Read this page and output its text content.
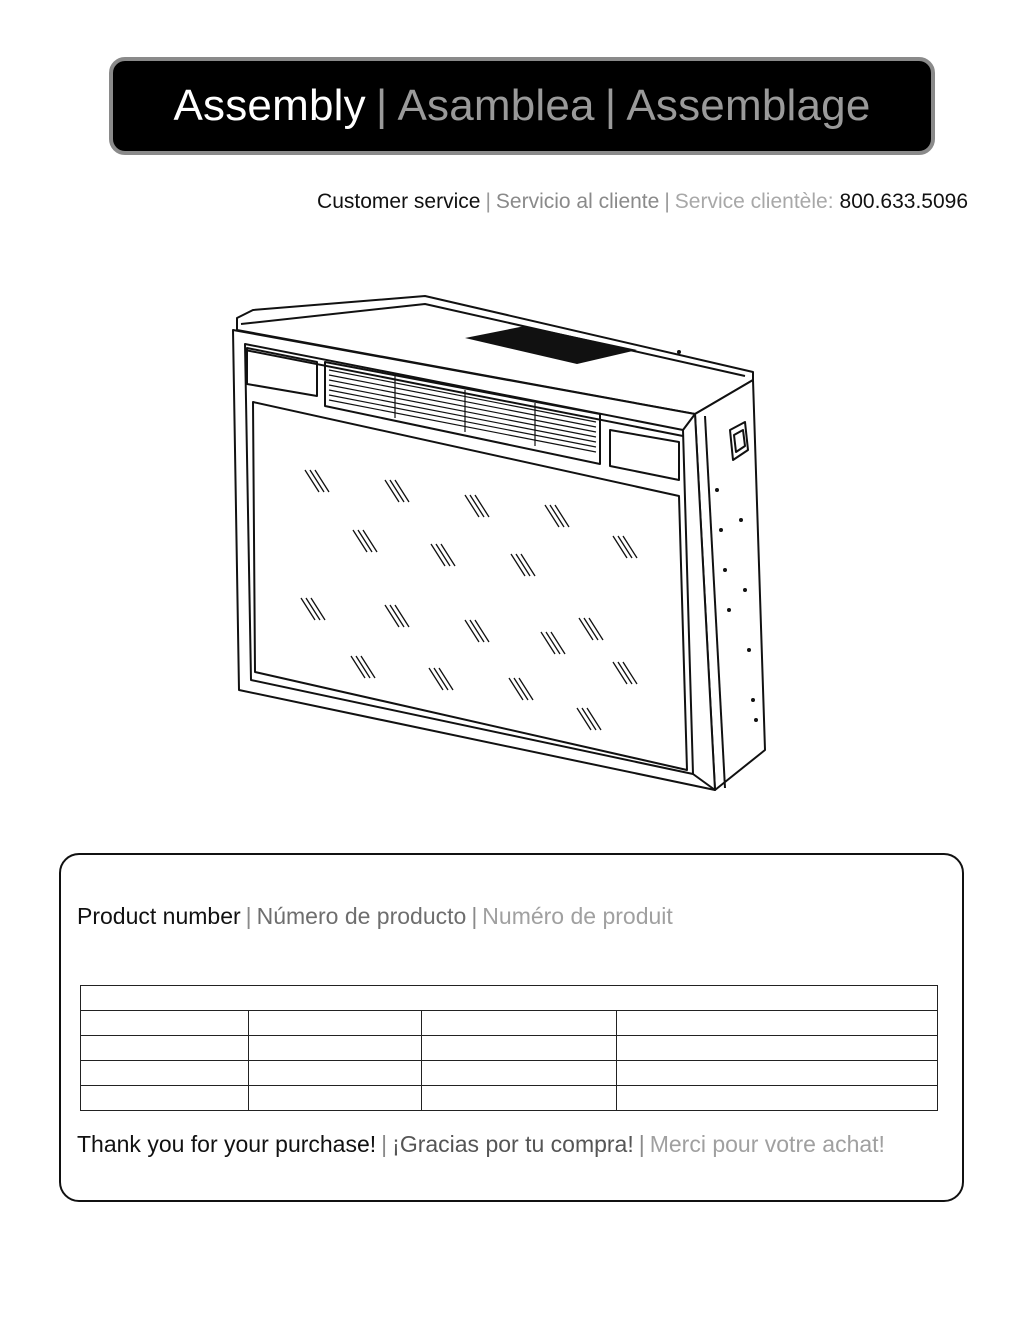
Assembly | Asamblea | Assemblage
Customer service | Servicio al cliente | Service clientèle: 800.633.5096
Product number | Número de producto | Numéro de produit

Thank you for your purchase! | ¡Gracias por tu compra! | Merci pour votre achat!
